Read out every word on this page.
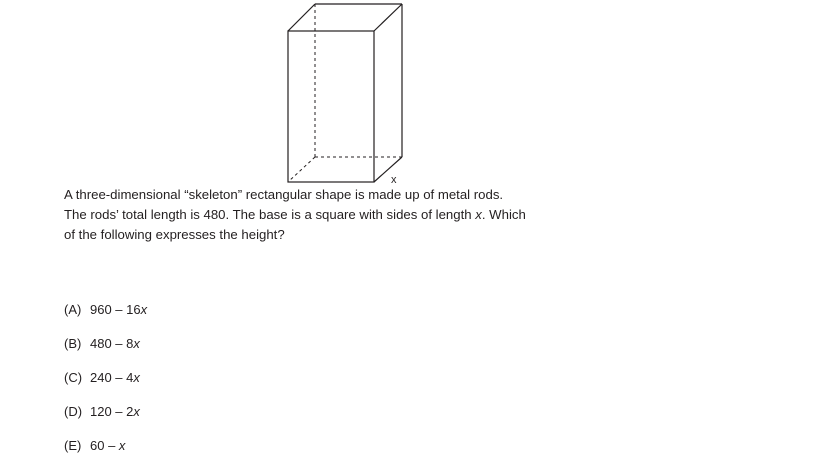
x

A three-dimensional “skeleton” rectangular shape is made up of metal rods.
The rods’ total length is 480. The base is a square with sides of length x. Which
of the following expresses the height?

(A) 960 – 16x
(B) 480 – 8x
(C) 240 – 4x
(D) 120 – 2x
(E) 60 – x
